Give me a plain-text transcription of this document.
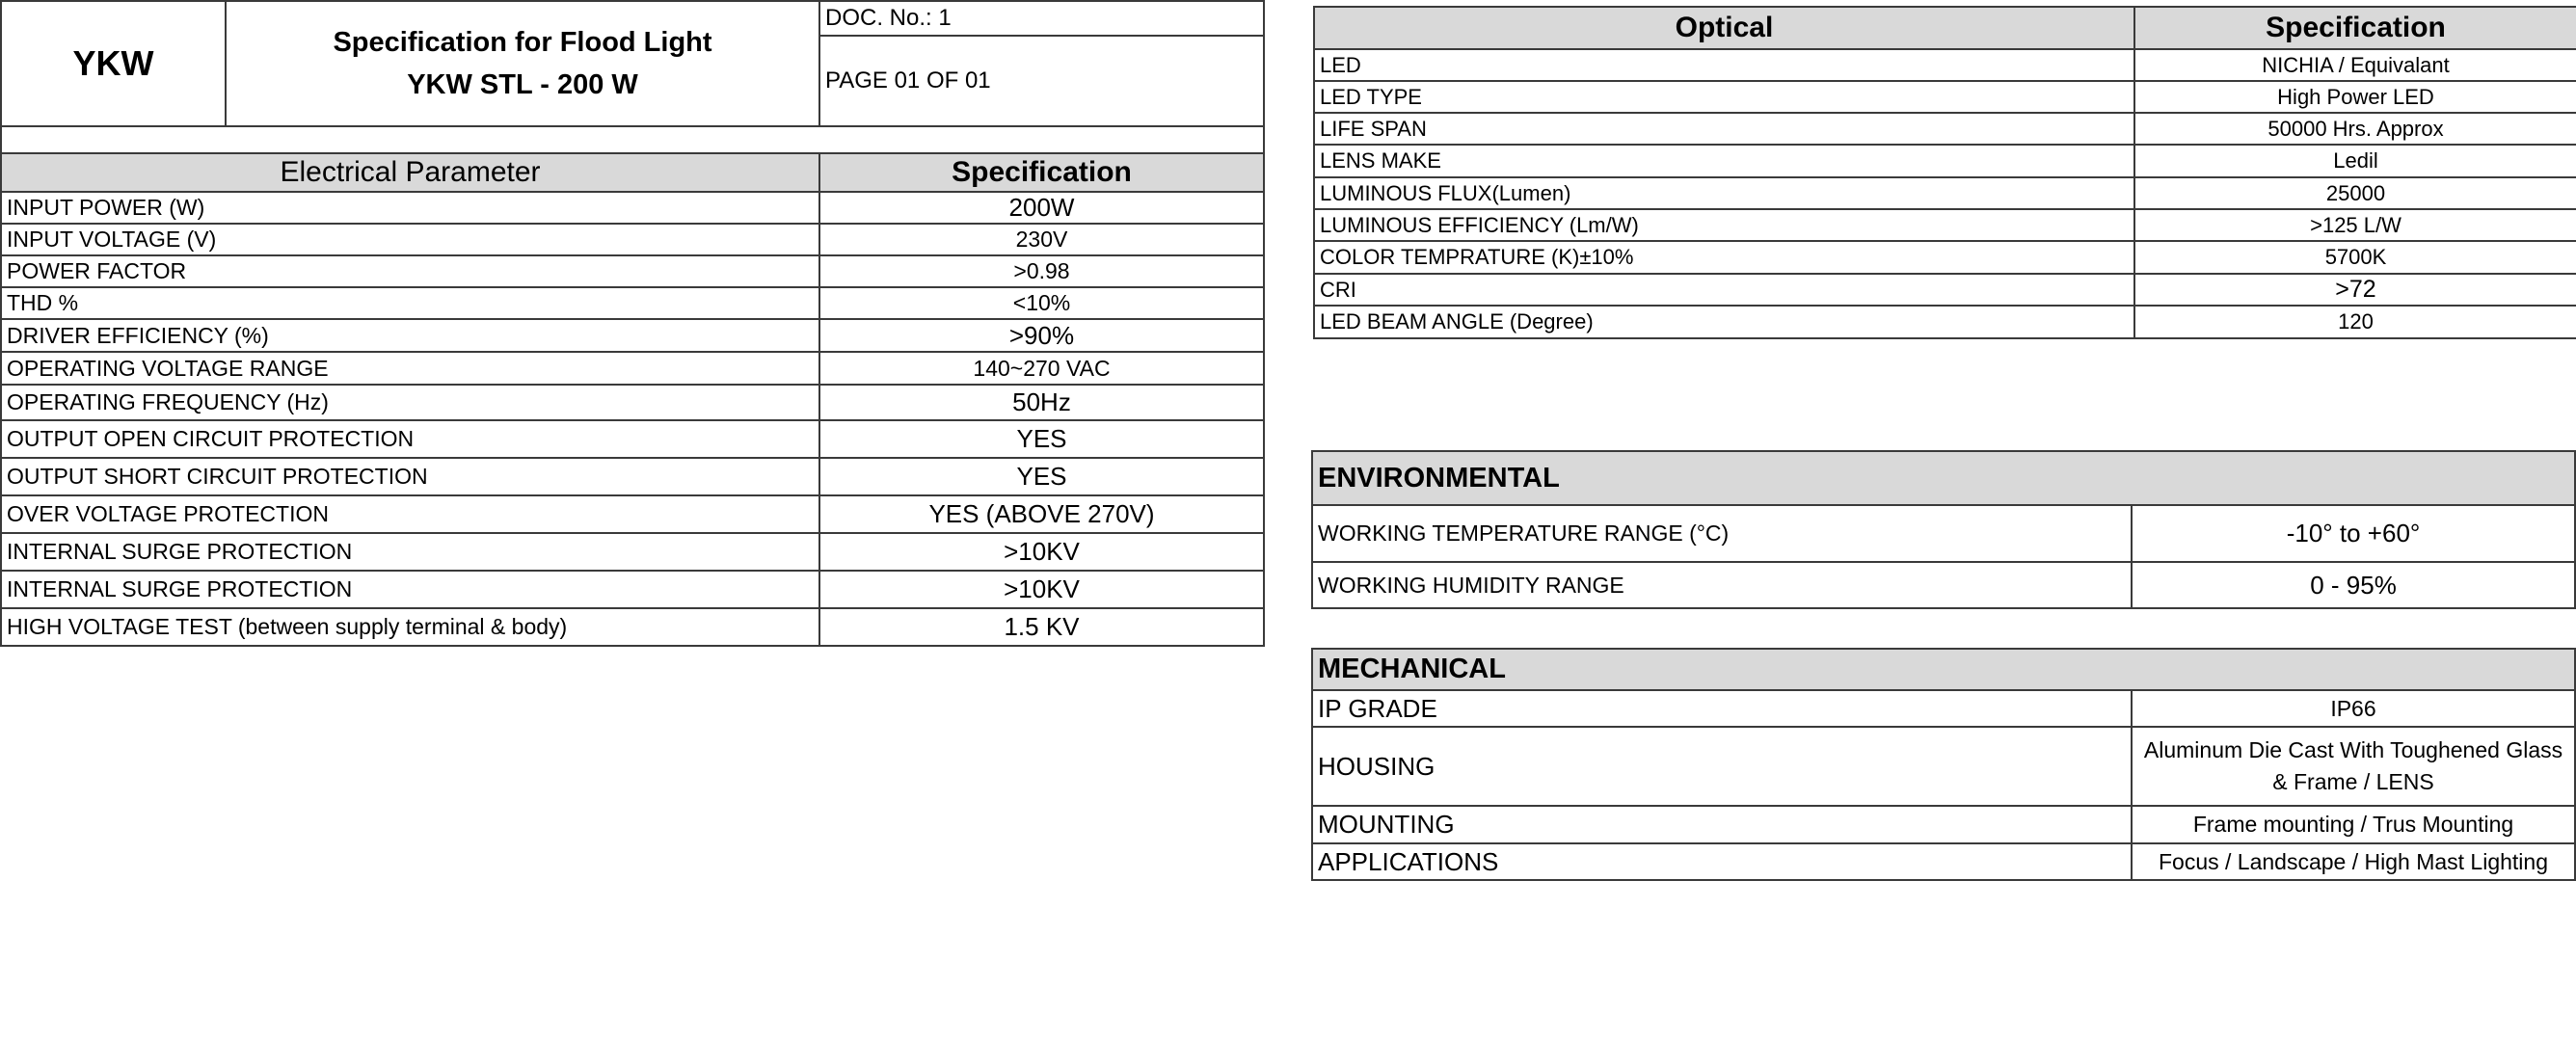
YKW	
Specification for Flood Light
YKW STL - 200 W
	DOC. No.: 1
PAGE 01 OF 01

Electrical Parameter	Specification
INPUT POWER (W)	200W
INPUT VOLTAGE (V)	230V
POWER FACTOR	>0.98
THD %	<10%
DRIVER EFFICIENCY (%)	>90%
OPERATING VOLTAGE RANGE	140~270 VAC
OPERATING FREQUENCY (Hz)	50Hz
OUTPUT OPEN CIRCUIT PROTECTION	YES
OUTPUT SHORT CIRCUIT PROTECTION	YES
OVER VOLTAGE PROTECTION	YES (ABOVE 270V)
INTERNAL SURGE PROTECTION	>10KV
INTERNAL SURGE PROTECTION	>10KV
HIGH VOLTAGE TEST (between supply terminal & body)	1.5 KV
Optical	Specification
LED	NICHIA / Equivalant
LED TYPE	High Power LED
LIFE SPAN	50000 Hrs. Approx
LENS MAKE	Ledil
LUMINOUS FLUX(Lumen)	25000
LUMINOUS EFFICIENCY (Lm/W)	>125 L/W
COLOR TEMPRATURE (K)±10%	5700K
CRI	>72
LED BEAM ANGLE (Degree)	120
ENVIRONMENTAL	
WORKING TEMPERATURE RANGE (°C)	-10° to +60°
WORKING HUMIDITY RANGE	0 - 95%
MECHANICAL	
IP GRADE	IP66
HOUSING	Aluminum Die Cast With Toughened Glass & Frame / LENS
MOUNTING	Frame mounting / Trus Mounting
APPLICATIONS	Focus / Landscape / High Mast Lighting
